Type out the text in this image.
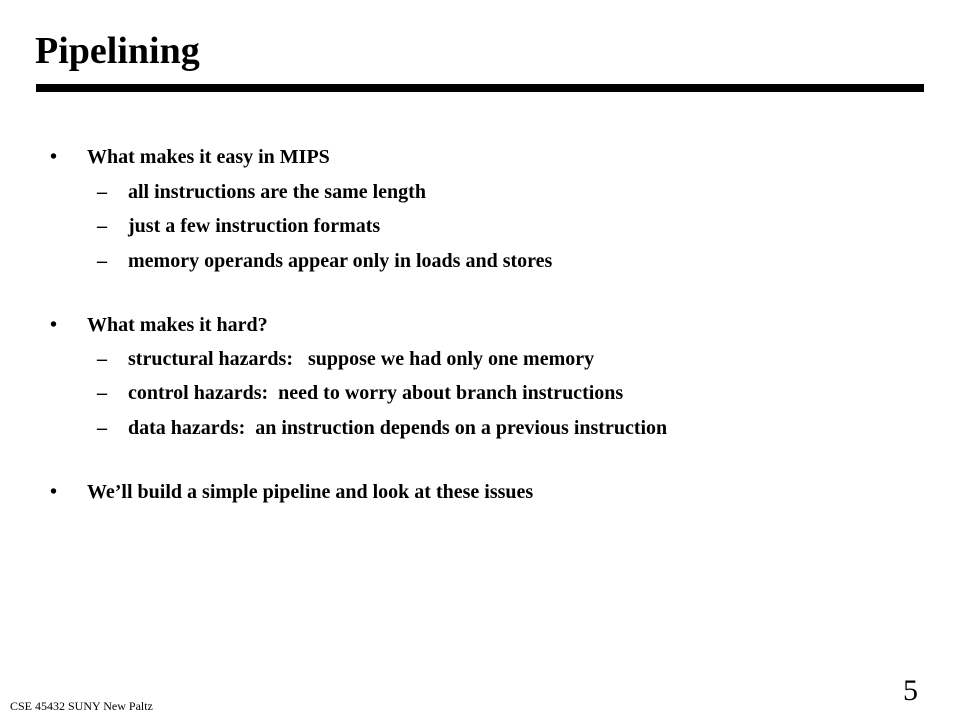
Pipelining
• What makes it easy in MIPS
– all instructions are the same length
– just a few instruction formats
– memory operands appear only in loads and stores
• What makes it hard?
– structural hazards:   suppose we had only one memory
– control hazards:  need to worry about branch instructions
– data hazards:  an instruction depends on a previous instruction
• We’ll build a simple pipeline and look at these issues
CSE 45432 SUNY New Paltz	5
